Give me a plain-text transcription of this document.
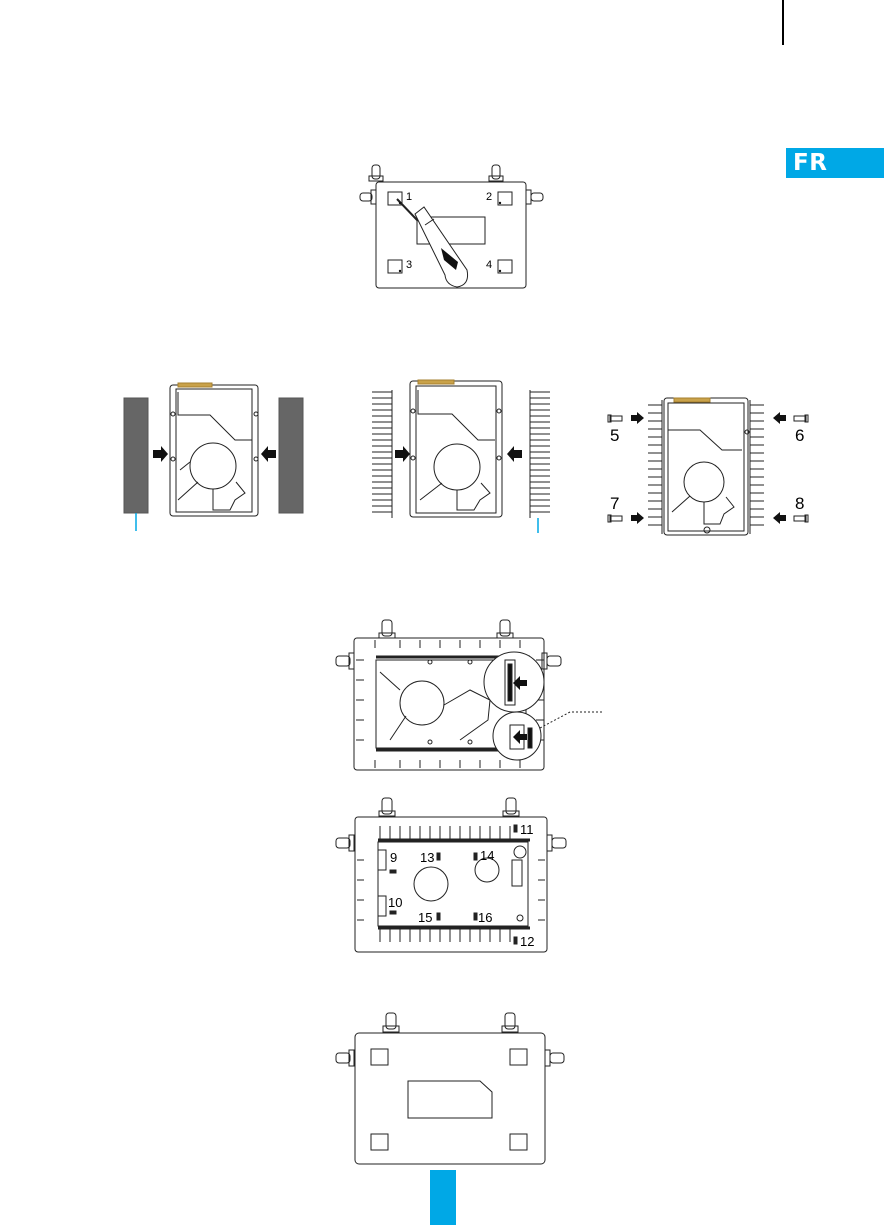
FR
1	2
3	4
5	6
7	8
9
10
11
12
13	14
15	16
